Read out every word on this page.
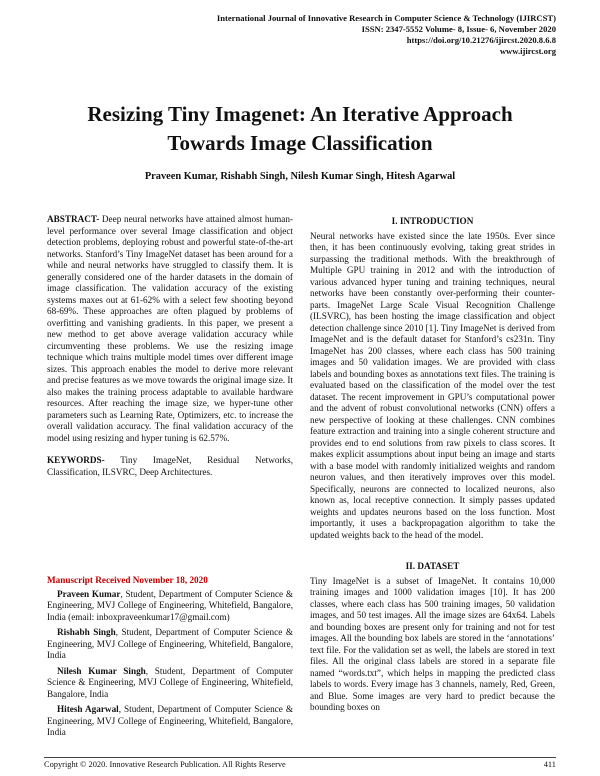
International Journal of Innovative Research in Computer Science & Technology (IJIRCST)
ISSN: 2347-5552 Volume- 8, Issue- 6, November 2020
https://doi.org/10.21276/ijircst.2020.8.6.8
www.ijircst.org
Resizing Tiny Imagenet: An Iterative Approach
Towards Image Classification
Praveen Kumar, Rishabh Singh, Nilesh Kumar Singh, Hitesh Agarwal

ABSTRACT- Deep neural networks have attained almost human-level performance over several Image classification and object detection problems, deploying robust and powerful state-of-the-art networks. Stanford’s Tiny ImageNet dataset has been around for a while and neural networks have struggled to classify them. It is generally considered one of the harder datasets in the domain of image classification. The validation accuracy of the existing systems maxes out at 61-62% with a select few shooting beyond 68-69%. These approaches are often plagued by problems of overfitting and vanishing gradients. In this paper, we present a new method to get above average validation accuracy while circumventing these problems. We use the resizing image technique which trains multiple model times over different image sizes. This approach enables the model to derive more relevant and precise features as we move towards the original image size. It also makes the training process adaptable to available hardware resources. After reaching the image size, we hyper-tune other parameters such as Learning Rate, Optimizers, etc. to increase the overall validation accuracy. The final validation accuracy of the model using resizing and hyper tuning is 62.57%.

KEYWORDS- Tiny ImageNet, Residual Networks, Classification, ILSVRC, Deep Architectures.

Manuscript Received November 18, 2020

Praveen Kumar, Student, Department of Computer Science & Engineering, MVJ College of Engineering, Whitefield, Bangalore, India (email: inboxpraveenkumar17@gmail.com)

Rishabh Singh, Student, Department of Computer Science & Engineering, MVJ College of Engineering, Whitefield, Bangalore, India

Nilesh Kumar Singh, Student, Department of Computer Science & Engineering, MVJ College of Engineering, Whitefield, Bangalore, India

Hitesh Agarwal, Student, Department of Computer Science & Engineering, MVJ College of Engineering, Whitefield, Bangalore, India

I. INTRODUCTION

Neural networks have existed since the late 1950s. Ever since then, it has been continuously evolving, taking great strides in surpassing the traditional methods. With the breakthrough of Multiple GPU training in 2012 and with the introduction of various advanced hyper tuning and training techniques, neural networks have been constantly over-performing their counter-parts. ImageNet Large Scale Visual Recognition Challenge (ILSVRC), has been hosting the image classification and object detection challenge since 2010 [1]. Tiny ImageNet is derived from ImageNet and is the default dataset for Stanford’s cs231n. Tiny ImageNet has 200 classes, where each class has 500 training images and 50 validation images. We are provided with class labels and bounding boxes as annotations text files. The training is evaluated based on the classification of the model over the test dataset. The recent improvement in GPU’s computational power and the advent of robust convolutional networks (CNN) offers a new perspective of looking at these challenges. CNN combines feature extraction and training into a single coherent structure and provides end to end solutions from raw pixels to class scores. It makes explicit assumptions about input being an image and starts with a base model with randomly initialized weights and random neuron values, and then iteratively improves over this model. Specifically, neurons are connected to localized neurons, also known as, local receptive connection. It simply passes updated weights and updates neurons based on the loss function. Most importantly, it uses a backpropagation algorithm to take the updated weights back to the head of the model.

II. DATASET

Tiny ImageNet is a subset of ImageNet. It contains 10,000 training images and 1000 validation images [10]. It has 200 classes, where each class has 500 training images, 50 validation images, and 50 test images. All the image sizes are 64x64. Labels and bounding boxes are present only for training and not for test images. All the bounding box labels are stored in the ‘annotations’ text file. For the validation set as well, the labels are stored in text files. All the original class labels are stored in a separate file named “words.txt”, which helps in mapping the predicted class labels to words. Every image has 3 channels, namely, Red, Green, and Blue. Some images are very hard to predict because the bounding boxes on

Copyright © 2020. Innovative Research Publication. All Rights Reserve	411
